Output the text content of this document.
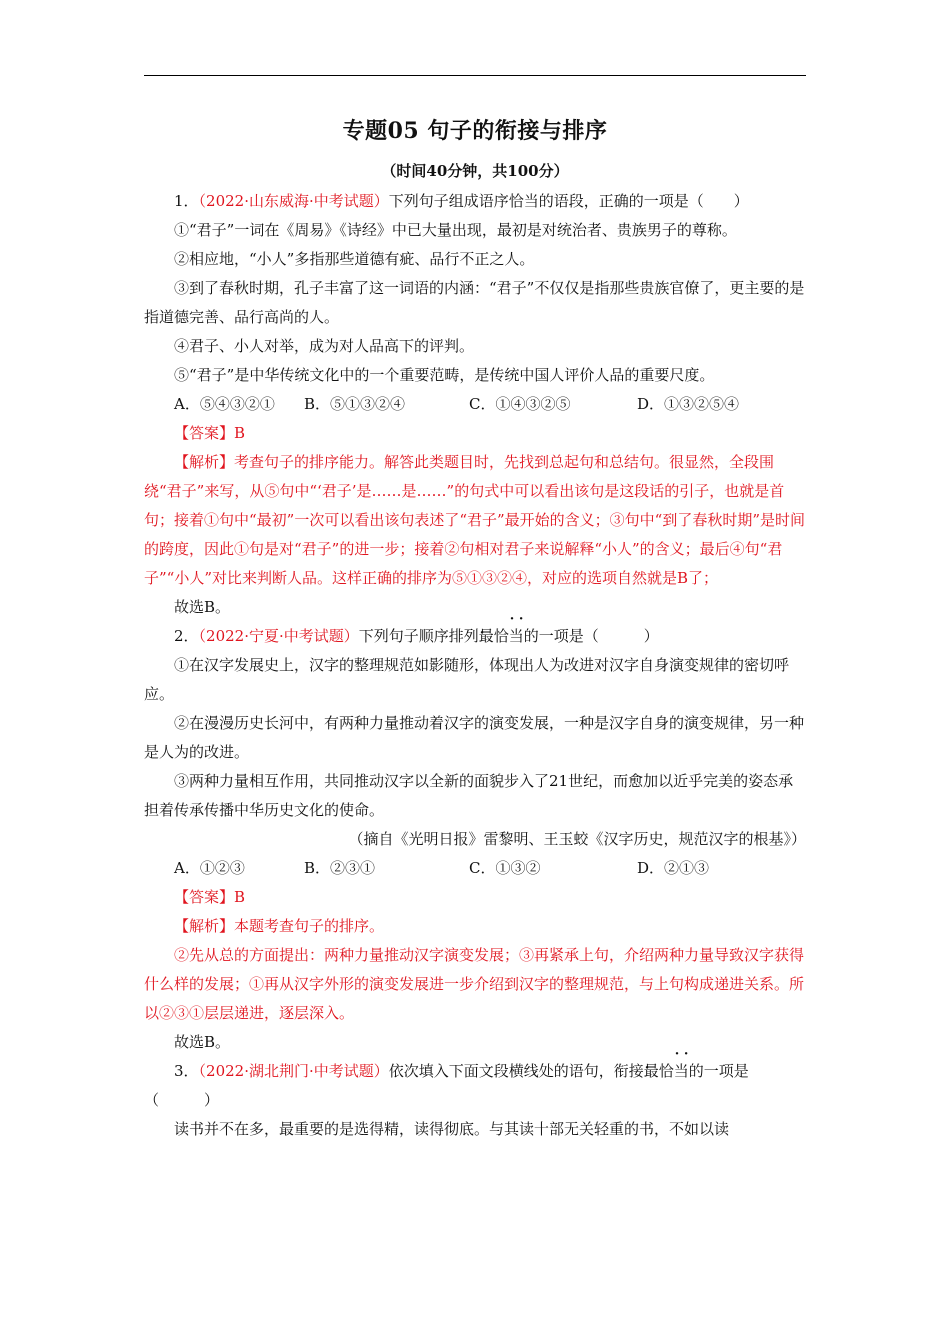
专题05 句子的衔接与排序
（时间40分钟，共100分）

1．（2022·山东威海·中考试题）下列句子组成语序恰当的语段，正确的一项是（　　）

①“君子”一词在《周易》《诗经》中已大量出现，最初是对统治者、贵族男子的尊称。

②相应地，“小人”多指那些道德有疵、品行不正之人。

③到了春秋时期，孔子丰富了这一词语的内涵：“君子”不仅仅是指那些贵族官僚了，更主要的是指道德完善、品行高尚的人。

④君子、小人对举，成为对人品高下的评判。

⑤“君子”是中华传统文化中的一个重要范畴，是传统中国人评价人品的重要尺度。

A．⑤④③②①	B．⑤①③②④	C．①④③②⑤	D．①③②⑤④

【答案】B

【解析】考查句子的排序能力。解答此类题目时，先找到总起句和总结句。很显然，全段围绕“君子”来写，从⑤句中“‘君子’是……是……”的句式中可以看出该句是这段话的引子，也就是首句；接着①句中“最初”一次可以看出该句表述了“君子”最开始的含义；③句中“到了春秋时期”是时间的跨度，因此①句是对“君子”的进一步；接着②句相对君子来说解释“小人”的含义；最后④句“君子”“小人”对比来判断人品。这样正确的排序为⑤①③②④，对应的选项自然就是B了；

故选B。

2．（2022·宁夏·中考试题）下列句子顺序排列· · · 最恰当的一项是（　　　）

①在汉字发展史上，汉字的整理规范如影随形，体现出人为改进对汉字自身演变规律的密切呼应。

②在漫漫历史长河中，有两种力量推动着汉字的演变发展，一种是汉字自身的演变规律，另一种是人为的改进。

③两种力量相互作用，共同推动汉字以全新的面貌步入了21世纪，而愈加以近乎完美的姿态承担着传承传播中华历史文化的使命。

（摘自《光明日报》雷黎明、王玉蛟《汉字历史，规范汉字的根基》）

A．①②③	B．②③①	C．①③②	D．②①③

【答案】B

【解析】本题考查句子的排序。

②先从总的方面提出：两种力量推动汉字演变发展；③再紧承上句，介绍两种力量导致汉字获得什么样的发展；①再从汉字外形的演变发展进一步介绍到汉字的整理规范，与上句构成递进关系。所以②③①层层递进，逐层深入。

故选B。

3．（2022·湖北荆门·中考试题）依次填入下面文段横线处的语句，衔接· · · 最恰当的一项是（　　　）

读书并不在多，最重要的是选得精，读得彻底。与其读十部无关轻重的书，不如以读
